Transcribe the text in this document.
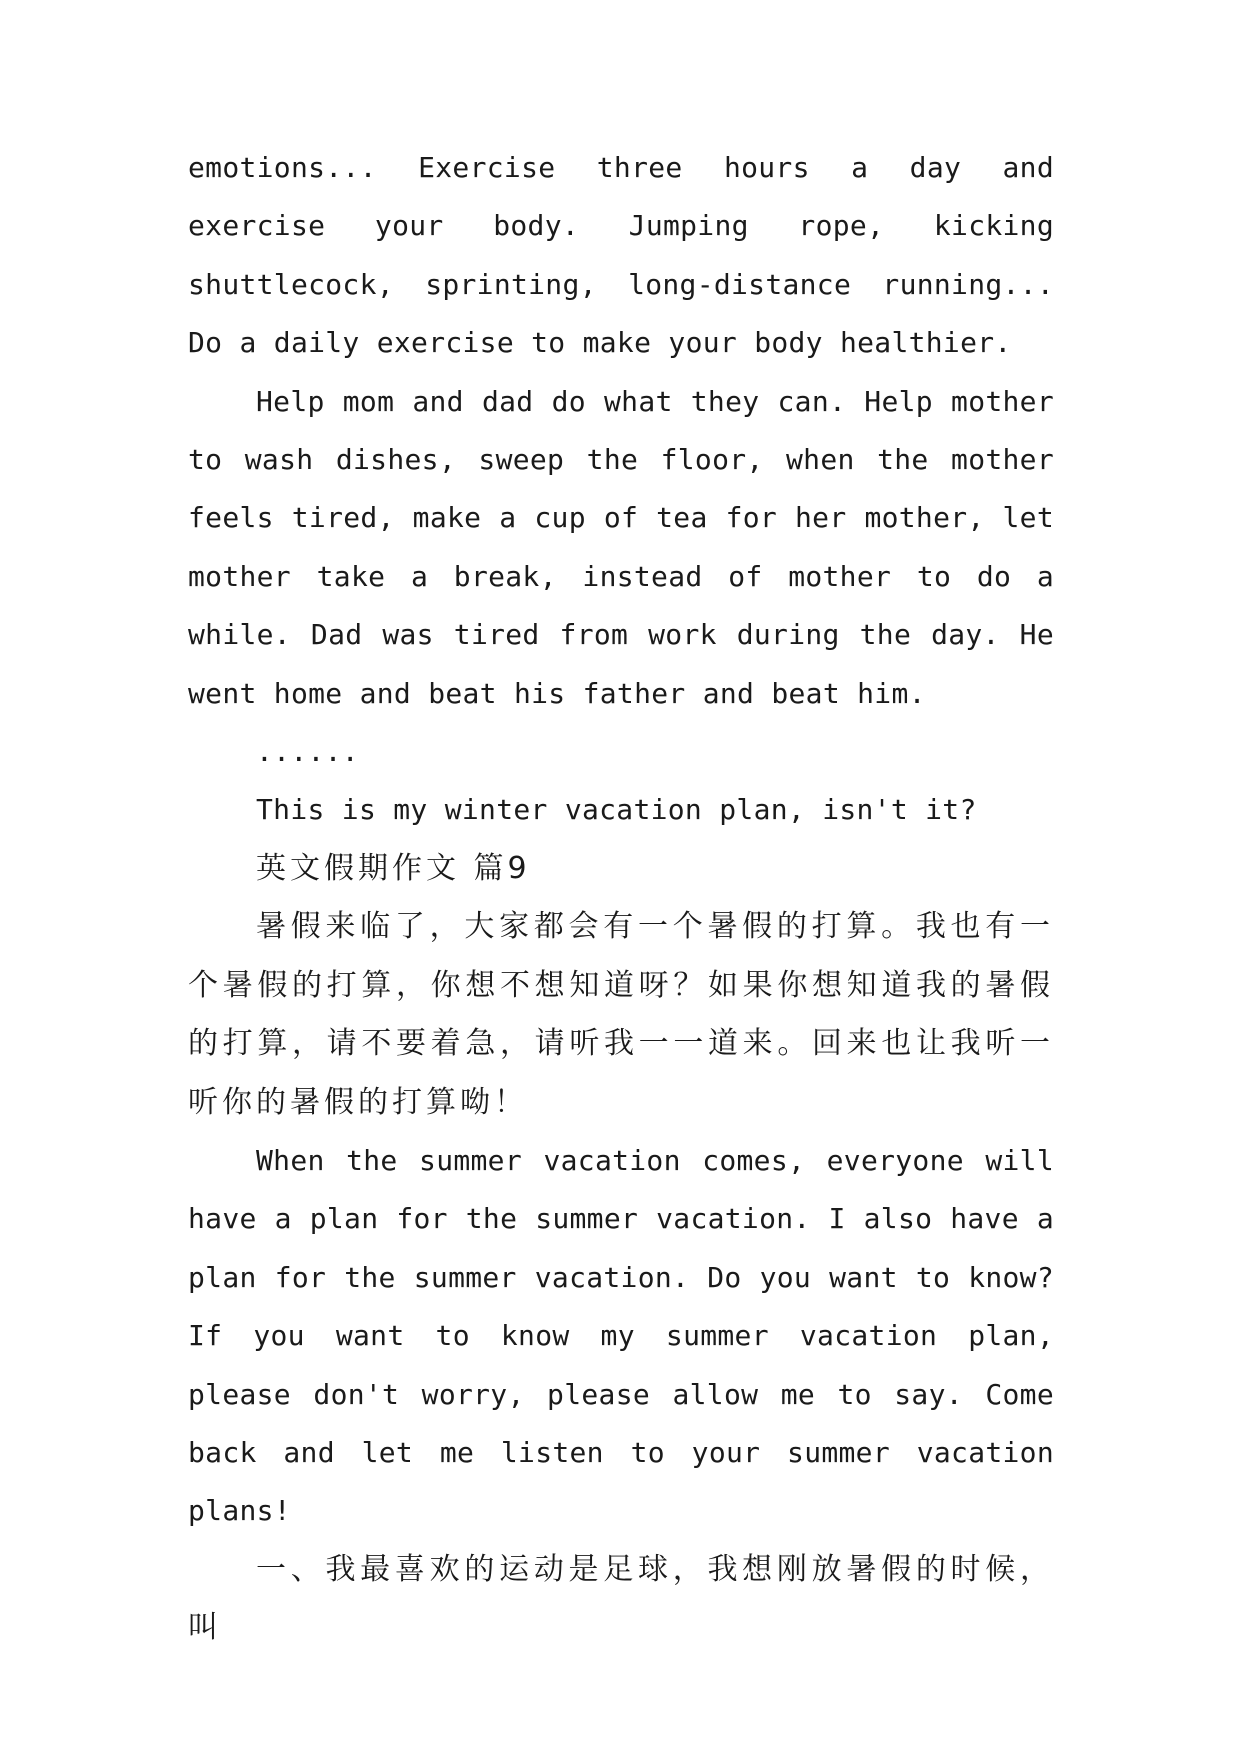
emotions... Exercise three hours a day and exercise your body. Jumping rope, kicking shuttlecock, sprinting, long-distance running... Do a daily exercise to make your body healthier.

Help mom and dad do what they can. Help mother to wash dishes, sweep the floor, when the mother feels tired, make a cup of tea for her mother, let mother take a break, instead of mother to do a while. Dad was tired from work during the day. He went home and beat his father and beat him.

......

This is my winter vacation plan, isn't it?

英文假期作文 篇9

暑假来临了，大家都会有一个暑假的打算。我也有一个暑假的打算，你想不想知道呀？如果你想知道我的暑假的打算，请不要着急，请听我一一道来。回来也让我听一听你的暑假的打算呦！

When the summer vacation comes, everyone will have a plan for the summer vacation. I also have a plan for the summer vacation. Do you want to know? If you want to know my summer vacation plan, please don't worry, please allow me to say. Come back and let me listen to your summer vacation plans!

一、我最喜欢的运动是足球，我想刚放暑假的时候，叫
